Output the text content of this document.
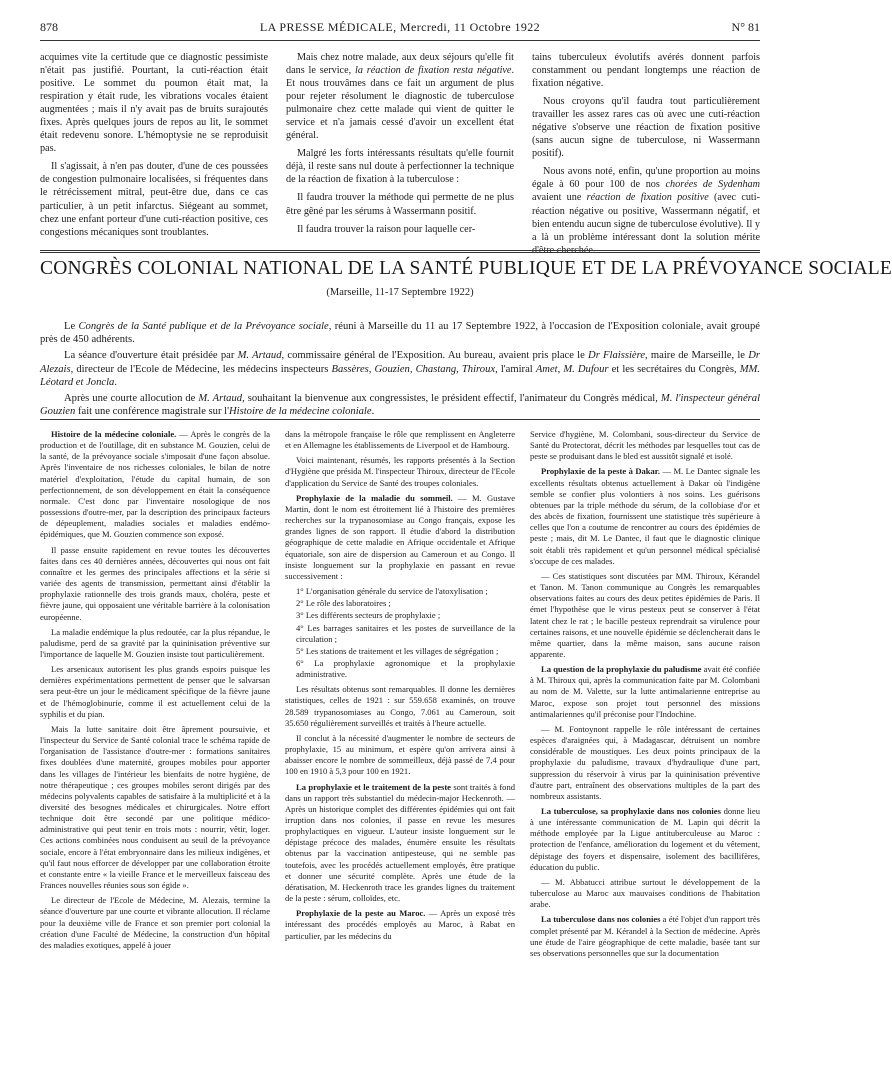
878	LA PRESSE MÉDICALE, Mercredi, 11 Octobre 1922	N° 81

acquimes vite la certitude que ce diagnostic pessimiste n'était pas justifié. Pourtant, la cuti-réaction était positive. Le sommet du poumon était mat, la respiration y était rude, les vibrations vocales étaient augmentées ; mais il n'y avait pas de bruits surajoutés fixes. Après quelques jours de repos au lit, le sommet était redevenu sonore. L'hémoptysie ne se reproduisit pas.

Il s'agissait, à n'en pas douter, d'une de ces poussées de congestion pulmonaire localisées, si fréquentes dans le rétrécissement mitral, peut-être due, dans ce cas particulier, à un petit infarctus. Siégeant au sommet, chez une enfant porteur d'une cuti-réaction positive, ces congestions mécaniques sont troublantes.

Mais chez notre malade, aux deux séjours qu'elle fit dans le service, la réaction de fixation resta négative. Et nous trouvâmes dans ce fait un argument de plus pour rejeter résolument le diagnostic de tuberculose pulmonaire chez cette malade qui vient de quitter le service et n'a jamais cessé d'avoir un excellent état général.

Malgré les forts intéressants résultats qu'elle fournit déjà, il reste sans nul doute à perfectionner la technique de la réaction de fixation à la tuberculose :

Il faudra trouver la méthode qui permette de ne plus être gêné par les sérums à Wassermann positif.

Il faudra trouver la raison pour laquelle cer-

tains tuberculeux évolutifs avérés donnent parfois constamment ou pendant longtemps une réaction de fixation négative.

Nous croyons qu'il faudra tout particulièrement travailler les assez rares cas où avec une cuti-réaction négative s'observe une réaction de fixation positive (sans aucun signe de tuberculose, ni Wassermann positif).

Nous avons noté, enfin, qu'une proportion au moins égale à 60 pour 100 de nos chorées de Sydenham avaient une réaction de fixation positive (avec cuti-réaction négative ou positive, Wassermann négatif, et bien entendu aucun signe de tuberculose évolutive). Il y a là un problème intéressant dont la solution mérite d'être cherchée.

CONGRÈS COLONIAL NATIONAL DE LA SANTÉ PUBLIQUE ET DE LA PRÉVOYANCE SOCIALE
(Marseille, 11-17 Septembre 1922)

Le Congrès de la Santé publique et de la Prévoyance sociale, réuni à Marseille du 11 au 17 Septembre 1922, à l'occasion de l'Exposition coloniale, avait groupé près de 450 adhérents.

La séance d'ouverture était présidée par M. Artaud, commissaire général de l'Exposition. Au bureau, avaient pris place le Dr Flaissière, maire de Marseille, le Dr Alezais, directeur de l'Ecole de Médecine, les médecins inspecteurs Bassères, Gouzien, Chastang, Thiroux, l'amiral Amet, M. Dufour et les secrétaires du Congrès, MM. Léotard et Joncla.

Après une courte allocution de M. Artaud, souhaitant la bienvenue aux congressistes, le président effectif, l'animateur du Congrès médical, M. l'inspecteur général Gouzien fait une conférence magistrale sur l'Histoire de la médecine coloniale.

Histoire de la médecine coloniale. — Après le congrès de la production et de l'outillage, dit en substance M. Gouzien, celui de la santé, de la prévoyance sociale s'imposait d'une façon absolue. Après l'inventaire de nos richesses coloniales, le bilan de notre matériel d'exploitation, l'étude du capital humain, de son perfectionnement, de son développement en était la conséquence normale. C'est donc par l'inventaire nosologique de nos possessions d'outre-mer, par la description des principaux facteurs de dépeuplement, maladies sociales et maladies endémo-épidémiques, que M. Gouzien commence son exposé.

Il passe ensuite rapidement en revue toutes les découvertes faites dans ces 40 dernières années, découvertes qui nous ont fait connaître et les germes des principales affections et la série si variée des agents de transmission, permettant ainsi d'établir la prophylaxie rationnelle des trois grands maux, choléra, peste et fièvre jaune, qui opposaient une véritable barrière à la colonisation européenne.

La maladie endémique la plus redoutée, car la plus répandue, le paludisme, perd de sa gravité par la quininisation préventive sur l'importance de laquelle M. Gouzien insiste tout particulièrement.

Les arsenicaux autorisent les plus grands espoirs puisque les dernières expérimentations permettent de penser que le salvarsan sera peut-être un jour le médicament spécifique de la fièvre jaune et de l'hémoglobinurie, comme il est actuellement celui de la syphilis et du pian.

Mais la lutte sanitaire doit être âprement poursuivie, et l'inspecteur du Service de Santé colonial trace le schéma rapide de l'organisation de l'assistance d'outre-mer : formations sanitaires fixes doublées d'une maternité, groupes mobiles pour apporter dans les villages de l'intérieur les bienfaits de notre hygiène, de notre thérapeutique ; ces groupes mobiles seront dirigés par des médecins polyvalents capables de satisfaire à la multiplicité et à la diversité des besognes médicales et chirurgicales. Notre effort technique doit être secondé par une politique médico-administrative qui peut tenir en trois mots : nourrir, vêtir, loger. Ces actions combinées nous conduisent au seuil de la prévoyance sociale, encore à l'état embryonnaire dans les milieux indigènes, et qu'il faut nous efforcer de développer par une collaboration étroite et constante entre « la vieille France et le merveilleux faisceau des Frances nouvelles réunies sous son égide ».

Le directeur de l'Ecole de Médecine, M. Alezais, termine la séance d'ouverture par une courte et vibrante allocution. Il réclame pour la deuxième ville de France et son premier port colonial la création d'une Faculté de Médecine, la construction d'un hôpital des maladies exotiques, appelé à jouer

dans la métropole française le rôle que remplissent en Angleterre et en Allemagne les établissements de Liverpool et de Hambourg.

Voici maintenant, résumés, les rapports présentés à la Section d'Hygiène que présida M. l'inspecteur Thiroux, directeur de l'Ecole d'application du Service de Santé des troupes coloniales.

Prophylaxie de la maladie du sommeil. — M. Gustave Martin, dont le nom est étroitement lié à l'histoire des premières recherches sur la trypanosomiase au Congo français, expose les grandes lignes de son rapport. Il étudie d'abord la distribution géographique de cette maladie en Afrique occidentale et Afrique équatoriale, son aire de dispersion au Cameroun et au Congo. Il insiste longuement sur la prophylaxie en passant en revue successivement :

1° L'organisation générale du service de l'atoxylisation ;

2° Le rôle des laboratoires ;

3° Les différents secteurs de prophylaxie ;

4° Les barrages sanitaires et les postes de surveillance de la circulation ;

5° Les stations de traitement et les villages de ségrégation ;

6° La prophylaxie agronomique et la prophylaxie administrative.

Les résultats obtenus sont remarquables. Il donne les dernières statistiques, celles de 1921 : sur 559.658 examinés, on trouve 28.589 trypanosomiases au Congo, 7.061 au Cameroun, soit 35.650 régulièrement surveillés et traités à l'heure actuelle.

Il conclut à la nécessité d'augmenter le nombre de secteurs de prophylaxie, 15 au minimum, et espère qu'on arrivera ainsi à abaisser encore le nombre de sommeilleux, déjà passé de 7,4 pour 100 en 1910 à 5,3 pour 100 en 1921.

La prophylaxie et le traitement de la peste sont traités à fond dans un rapport très substantiel du médecin-major Heckenroth. — Après un historique complet des différentes épidémies qui ont fait irruption dans nos colonies, il passe en revue les mesures prophylactiques en vigueur. L'auteur insiste longuement sur le dépistage précoce des malades, énumère ensuite les résultats obtenus par la vaccination antipesteuse, qui ne semble pas toutefois, avec les procédés actuellement employés, être pratique et donner une sécurité complète. Après une étude de la dératisation, M. Heckenroth trace les grandes lignes du traitement de la peste : sérum, colloïdes, etc.

Prophylaxie de la peste au Maroc. — Après un exposé très intéressant des procédés employés au Maroc, à Rabat en particulier, par les médecins du

Service d'hygiène, M. Colombani, sous-directeur du Service de Santé du Protectorat, décrit les méthodes par lesquelles tout cas de peste se produisant dans le bled est aussitôt signalé et isolé.

Prophylaxie de la peste à Dakar. — M. Le Dantec signale les excellents résultats obtenus actuellement à Dakar où l'indigène semble se confier plus volontiers à nos soins. Les guérisons obtenues par la triple méthode du sérum, de la collobiase d'or et des abcès de fixation, fournissent une statistique très supérieure à celles que l'on a coutume de rencontrer au cours des épidémies de peste ; mais, dit M. Le Dantec, il faut que le diagnostic clinique soit établi très rapidement et qu'un personnel médical spécialisé s'occupe de ces malades.

— Ces statistiques sont discutées par MM. Thiroux, Kérandel et Tanon. M. Tanon communique au Congrès les remarquables observations faites au cours des deux petites épidémies de Paris. Il émet l'hypothèse que le virus pesteux peut se conserver à l'état latent chez le rat ; le bacille pesteux reprendrait sa virulence pour certaines raisons, et une nouvelle épidémie se déclencherait dans le même quartier, dans la même maison, sans aucune raison apparente.

La question de la prophylaxie du paludisme avait été confiée à M. Thiroux qui, après la communication faite par M. Colombani au nom de M. Valette, sur la lutte antimalarienne entreprise au Maroc, expose son projet tout personnel des missions antimalariennes qu'il préconise pour l'Indochine.

— M. Fontoynont rappelle le rôle intéressant de certaines espèces d'araignées qui, à Madagascar, détruisent un nombre considérable de moustiques. Les deux points principaux de la prophylaxie du paludisme, travaux d'hydraulique d'une part, suppression du réservoir à virus par la quininisation préventive d'autre part, entraînent des observations multiples de la part des nombreux assistants.

La tuberculose, sa prophylaxie dans nos colonies donne lieu à une intéressante communication de M. Lapin qui décrit la méthode employée par la Ligue antituberculeuse au Maroc : protection de l'enfance, amélioration du logement et du vêtement, dépistage des foyers et dispensaire, isolement des bacillifères, éducation du public.

— M. Abbatucci attribue surtout le développement de la tuberculose au Maroc aux mauvaises conditions de l'habitation arabe.

La tuberculose dans nos colonies a été l'objet d'un rapport très complet présenté par M. Kérandel à la Section de médecine. Après une étude de l'aire géographique de cette maladie, basée tant sur ses observations personnelles que sur la documentation
